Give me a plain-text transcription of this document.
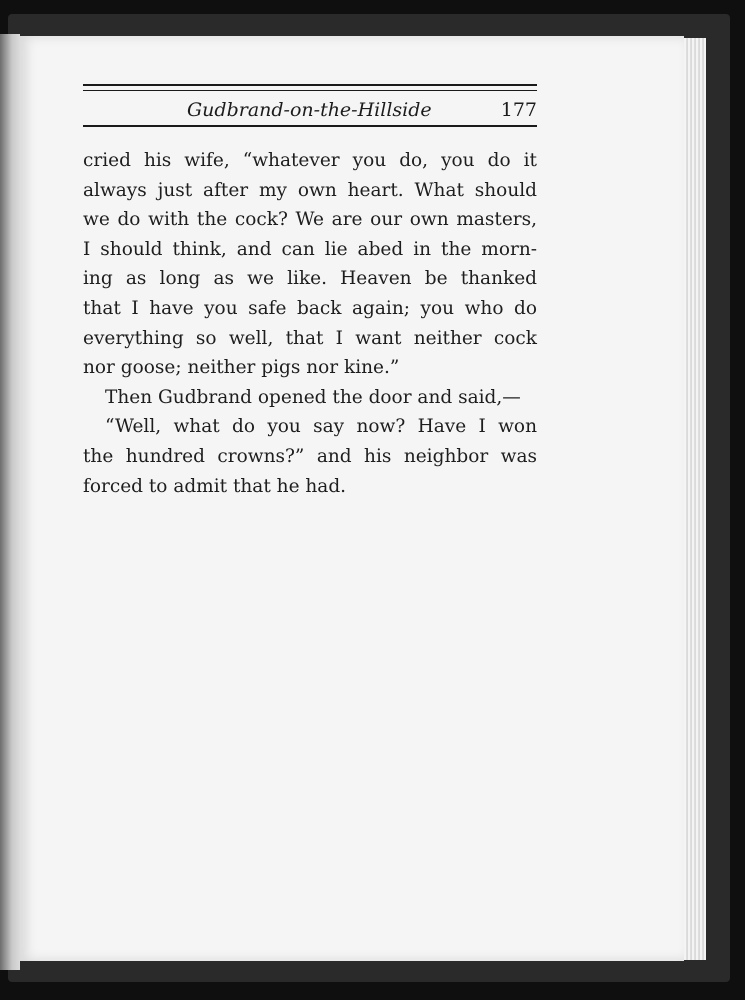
Gudbrand-on-the-Hillside	177
cried his wife, “whatever you do, you do it
always just after my own heart. What should
we do with the cock? We are our own masters,
I should think, and can lie abed in the morn-
ing as long as we like. Heaven be thanked
that I have you safe back again; you who do
everything so well, that I want neither cock
nor goose; neither pigs nor kine.”
Then Gudbrand opened the door and said,—
“Well, what do you say now? Have I won
the hundred crowns?” and his neighbor was
forced to admit that he had.
